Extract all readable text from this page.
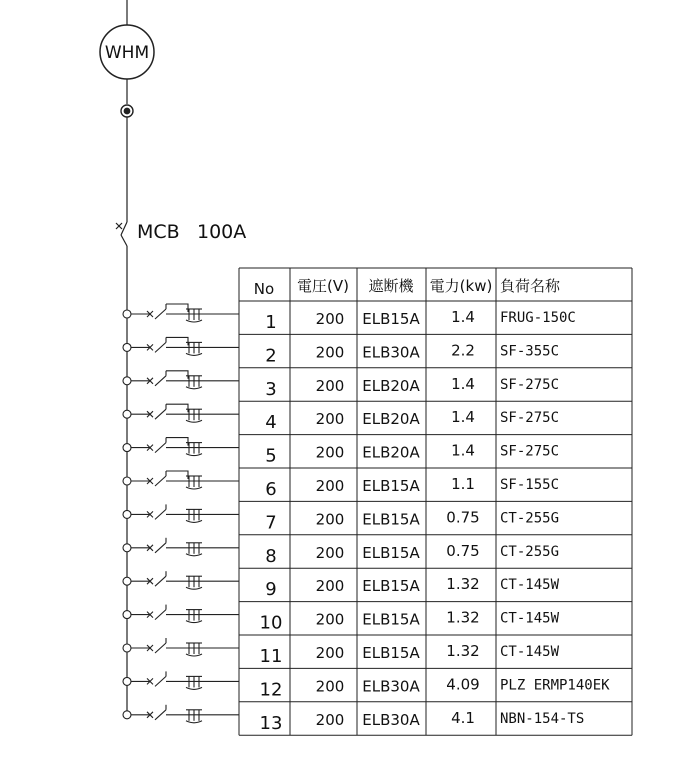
WHM
MCB 100A
No 電圧(V) 遮断機 電力(kw) 負荷名称
1	200 ELB15A 1.4 FRUG-150C
2	200 ELB30A 2.2 SF-355C
3	200 ELB20A 1.4 SF-275C
4	200 ELB20A 1.4 SF-275C
5	200 ELB20A 1.4 SF-275C
6	200 ELB15A 1.1 SF-155C
7	200 ELB15A 0.75 CT-255G
8	200 ELB15A 0.75 CT-255G
9	200 ELB15A 1.32 CT-145W
10 200 ELB15A 1.32 CT-145W
11 200 ELB15A 1.32 CT-145W
12 200 ELB30A 4.09 PLZ ERMP140EK
13 200 ELB30A 4.1 NBN-154-TS
